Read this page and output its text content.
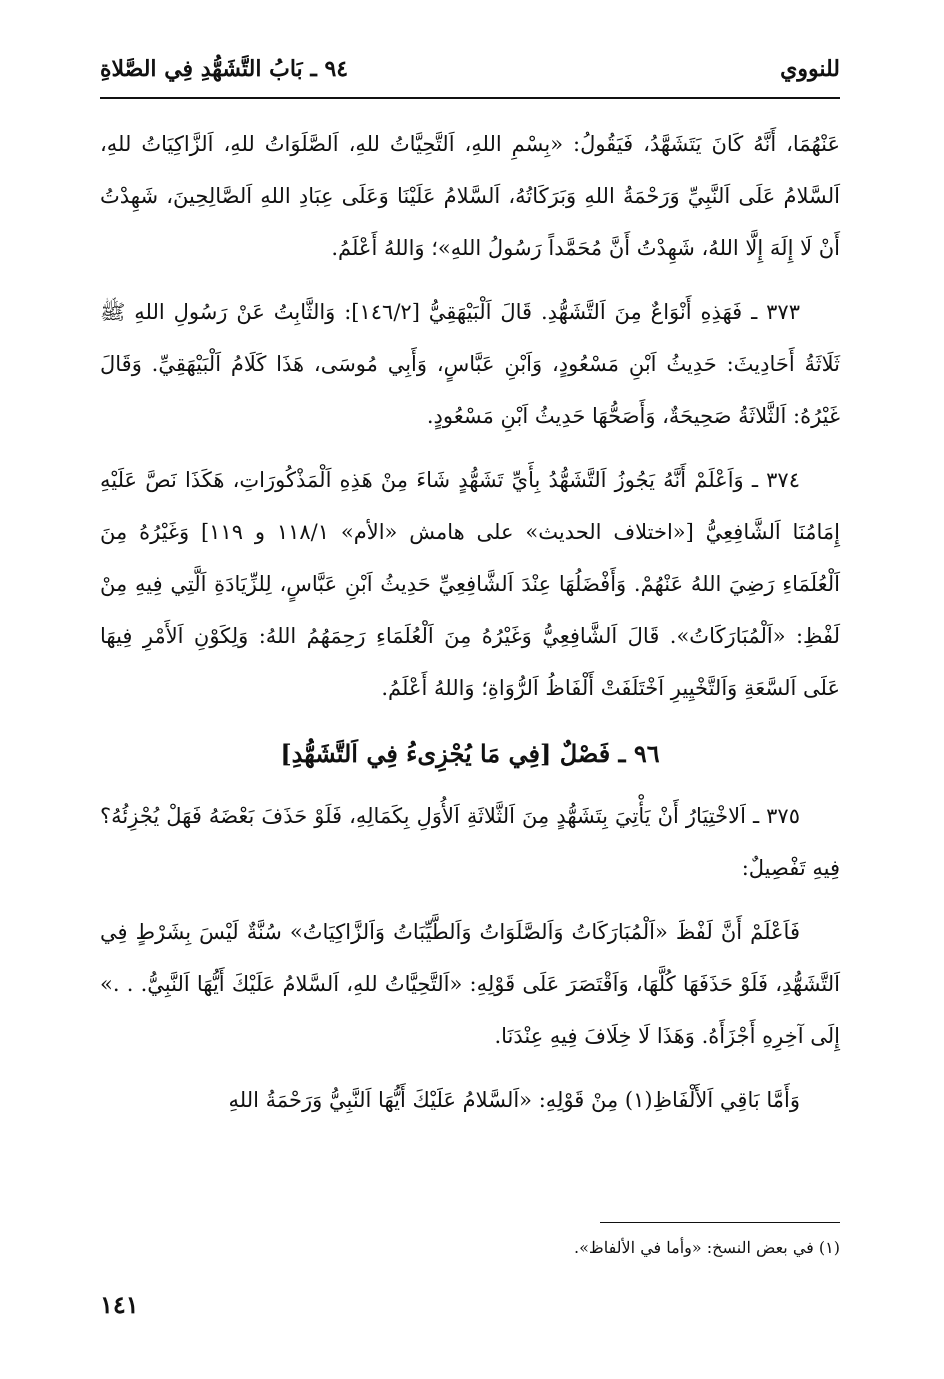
للنووي
٩٤ ـ بَابُ التَّشَهُّدِ فِي الصَّلاةِ

عَنْهُمَا، أَنَّهُ كَانَ يَتَشَهَّدُ، فَيَقُولُ: «بِسْمِ اللهِ، اَلتَّحِيَّاتُ للهِ، اَلصَّلَوَاتُ للهِ، اَلزَّاكِيَاتُ للهِ، اَلسَّلامُ عَلَى اَلنَّبِيِّ وَرَحْمَةُ اللهِ وَبَرَكَاتُهُ، اَلسَّلامُ عَلَيْنَا وَعَلَى عِبَادِ اللهِ اَلصَّالِحِينَ، شَهِدْتُ أَنْ لَا إِلَهَ إِلَّا اللهُ، شَهِدْتُ أَنَّ مُحَمَّداً رَسُولُ اللهِ»؛ وَاللهُ أَعْلَمُ.

٣٧٣ ـ فَهَذِهِ أَنْوَاعٌ مِنَ اَلتَّشَهُّدِ. قَالَ اَلْبَيْهَقِيُّ [١٤٦/٢]: وَالثَّابِتُ عَنْ رَسُولِ اللهِ ﷺ ثَلَاثَةُ أَحَادِيثَ: حَدِيثُ اَبْنِ مَسْعُودٍ، وَاَبْنِ عَبَّاسٍ، وَأَبِي مُوسَى، هَذَا كَلَامُ اَلْبَيْهَقِيِّ. وَقَالَ غَيْرُهُ: اَلثَّلاثَةُ صَحِيحَةٌ، وَأَصَحُّهَا حَدِيثُ اَبْنِ مَسْعُودٍ.

٣٧٤ ـ وَاَعْلَمْ أَنَّهُ يَجُوزُ اَلتَّشَهُّدُ بِأَيِّ تَشَهُّدٍ شَاءَ مِنْ هَذِهِ اَلْمَذْكُورَاتِ، هَكَذَا نَصَّ عَلَيْهِ إِمَامُنَا اَلشَّافِعِيُّ [«اختلاف الحديث» على هامش «الأم» ١١٨/١ و ١١٩] وَغَيْرُهُ مِنَ اَلْعُلَمَاءِ رَضِيَ اللهُ عَنْهُمْ. وَأَفْضَلُهَا عِنْدَ اَلشَّافِعِيِّ حَدِيثُ اَبْنِ عَبَّاسٍ، لِلزِّيَادَةِ اَلَّتِي فِيهِ مِنْ لَفْظِ: «اَلْمُبَارَكَاتُ». قَالَ اَلشَّافِعِيُّ وَغَيْرُهُ مِنَ اَلْعُلَمَاءِ رَحِمَهُمُ اللهُ: وَلِكَوْنِ اَلأَمْرِ فِيهَا عَلَى اَلسَّعَةِ وَاَلتَّخْيِيرِ اَخْتَلَفَتْ أَلْفَاظُ اَلرُّوَاةِ؛ وَاللهُ أَعْلَمُ.

٩٦ ـ فَصْلٌ [فِي مَا يُجْزِىءُ فِي اَلتَّشَهُّدِ]

٣٧٥ ـ اَلاخْتِيَارُ أَنْ يَأْتِيَ بِتَشَهُّدٍ مِنَ اَلثَّلاثَةِ اَلأُوَلِ بِكَمَالِهِ، فَلَوْ حَذَفَ بَعْضَهُ فَهَلْ يُجْزِئُهُ؟ فِيهِ تَفْصِيلٌ:

فَاَعْلَمْ أَنَّ لَفْظَ «اَلْمُبَارَكَاتُ وَاَلصَّلَوَاتُ وَاَلطَّيِّبَاتُ وَاَلزَّاكِيَاتُ» سُنَّةٌ لَيْسَ بِشَرْطٍ فِي اَلتَّشَهُّدِ، فَلَوْ حَذَفَهَا كُلَّهَا، وَاَقْتَصَرَ عَلَى قَوْلِهِ: «اَلتَّحِيَّاتُ للهِ، اَلسَّلامُ عَلَيْكَ أَيُّهَا اَلنَّبِيُّ. . .» إِلَى آخِرِهِ أَجْزَأَهُ. وَهَذَا لَا خِلَافَ فِيهِ عِنْدَنَا.

وَأَمَّا بَاقِي اَلأَلْفَاظِ(١) مِنْ قَوْلِهِ: «اَلسَّلامُ عَلَيْكَ أَيُّهَا اَلنَّبِيُّ وَرَحْمَةُ اللهِ

(١) في بعض النسخ: «وأما في الألفاظ».
١٤١
